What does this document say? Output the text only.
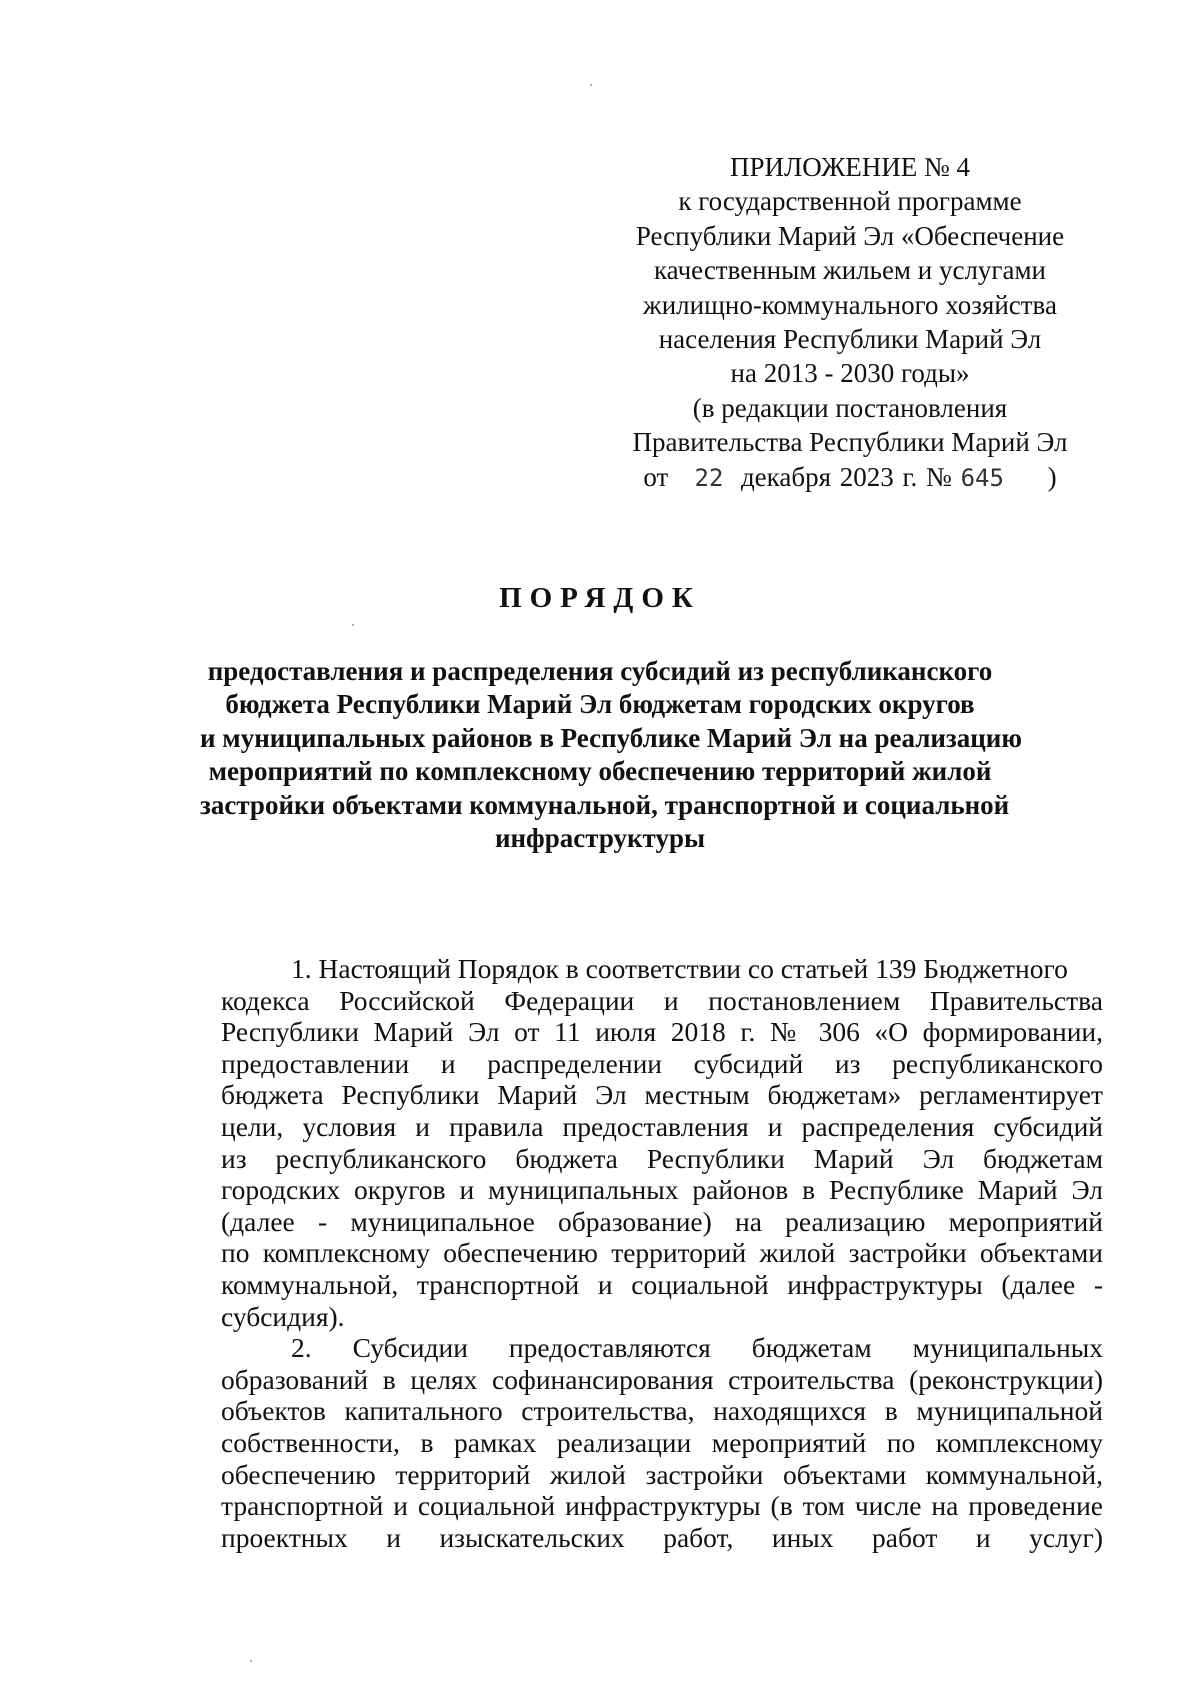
ПРИЛОЖЕНИЕ № 4
к государственной программе
Республики Марий Эл «Обеспечение
качественным жильем и услугами
жилищно-коммунального хозяйства
населения Республики Марий Эл
на 2013 - 2030 годы»
(в редакции постановления
Правительства Республики Марий Эл
от 22 декабря 2023 г. № 645 )
ПОРЯДОК
предоставления и распределения субсидий из республиканского
бюджета Республики Марий Эл бюджетам городских округов
и муниципальных районов в Республике Марий Эл на реализацию
мероприятий по комплексному обеспечению территорий жилой
застройки объектами коммунальной, транспортной и социальной
инфраструктуры
1. Настоящий Порядок в соответствии со статьей 139 Бюджетного
кодекса Российской Федерации и постановлением Правительства
Республики Марий Эл от 11 июля 2018 г. № 306 «О формировании,
предоставлении и распределении субсидий из республиканского
бюджета Республики Марий Эл местным бюджетам» регламентирует
цели, условия и правила предоставления и распределения субсидий
из республиканского бюджета Республики Марий Эл бюджетам
городских округов и муниципальных районов в Республике Марий Эл
(далее - муниципальное образование) на реализацию мероприятий
по комплексному обеспечению территорий жилой застройки объектами
коммунальной, транспортной и социальной инфраструктуры (далее -
субсидия).
2. Субсидии предоставляются бюджетам муниципальных
образований в целях софинансирования строительства (реконструкции)
объектов капитального строительства, находящихся в муниципальной
собственности, в рамках реализации мероприятий по комплексному
обеспечению территорий жилой застройки объектами коммунальной,
транспортной и социальной инфраструктуры (в том числе на проведение
проектных и изыскательских работ, иных работ и услуг)
